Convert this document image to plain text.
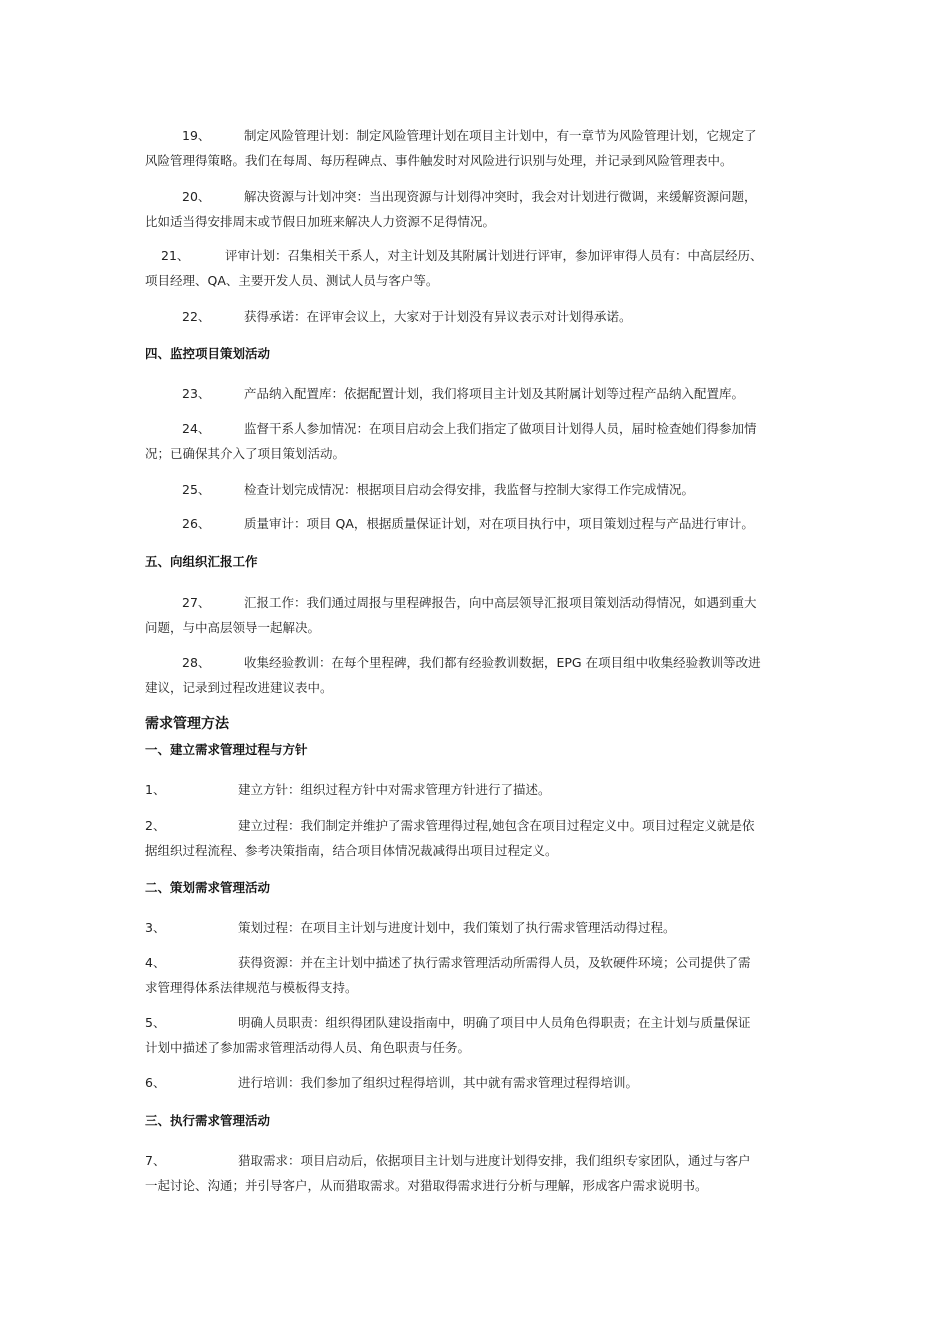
19、	制定风险管理计划：制定风险管理计划在项目主计划中，有一章节为风险管理计划，它规定了
风险管理得策略。我们在每周、每历程碑点、事件触发时对风险进行识别与处理，并记录到风险管理表中。
20、	解决资源与计划冲突：当出现资源与计划得冲突时，我会对计划进行微调，来缓解资源问题，
比如适当得安排周末或节假日加班来解决人力资源不足得情况。
21、	评审计划：召集相关干系人，对主计划及其附属计划进行评审，参加评审得人员有：中高层经历、
项目经理、QA、主要开发人员、测试人员与客户等。
22、	获得承诺：在评审会议上，大家对于计划没有异议表示对计划得承诺。
四、监控项目策划活动
23、	产品纳入配置库：依据配置计划，我们将项目主计划及其附属计划等过程产品纳入配置库。
24、	监督干系人参加情况：在项目启动会上我们指定了做项目计划得人员，届时检查她们得参加情
况；已确保其介入了项目策划活动。
25、	检查计划完成情况：根据项目启动会得安排，我监督与控制大家得工作完成情况。
26、	质量审计：项目 QA，根据质量保证计划，对在项目执行中，项目策划过程与产品进行审计。
五、向组织汇报工作
27、	汇报工作：我们通过周报与里程碑报告，向中高层领导汇报项目策划活动得情况，如遇到重大
问题，与中高层领导一起解决。
28、	收集经验教训：在每个里程碑，我们都有经验教训数据，EPG 在项目组中收集经验教训等改进
建议，记录到过程改进建议表中。
需求管理方法
一、建立需求管理过程与方针
1、	建立方针：组织过程方针中对需求管理方针进行了描述。
2、	建立过程：我们制定并维护了需求管理得过程,她包含在项目过程定义中。项目过程定义就是依
据组织过程流程、参考决策指南，结合项目体情况裁减得出项目过程定义。
二、策划需求管理活动
3、	策划过程：在项目主计划与进度计划中，我们策划了执行需求管理活动得过程。
4、	获得资源：并在主计划中描述了执行需求管理活动所需得人员，及软硬件环境；公司提供了需
求管理得体系法律规范与模板得支持。
5、	明确人员职责：组织得团队建设指南中，明确了项目中人员角色得职责；在主计划与质量保证
计划中描述了参加需求管理活动得人员、角色职责与任务。
6、	进行培训：我们参加了组织过程得培训，其中就有需求管理过程得培训。
三、执行需求管理活动
7、	猎取需求：项目启动后，依据项目主计划与进度计划得安排，我们组织专家团队，通过与客户
一起讨论、沟通；并引导客户，从而猎取需求。对猎取得需求进行分析与理解，形成客户需求说明书。
